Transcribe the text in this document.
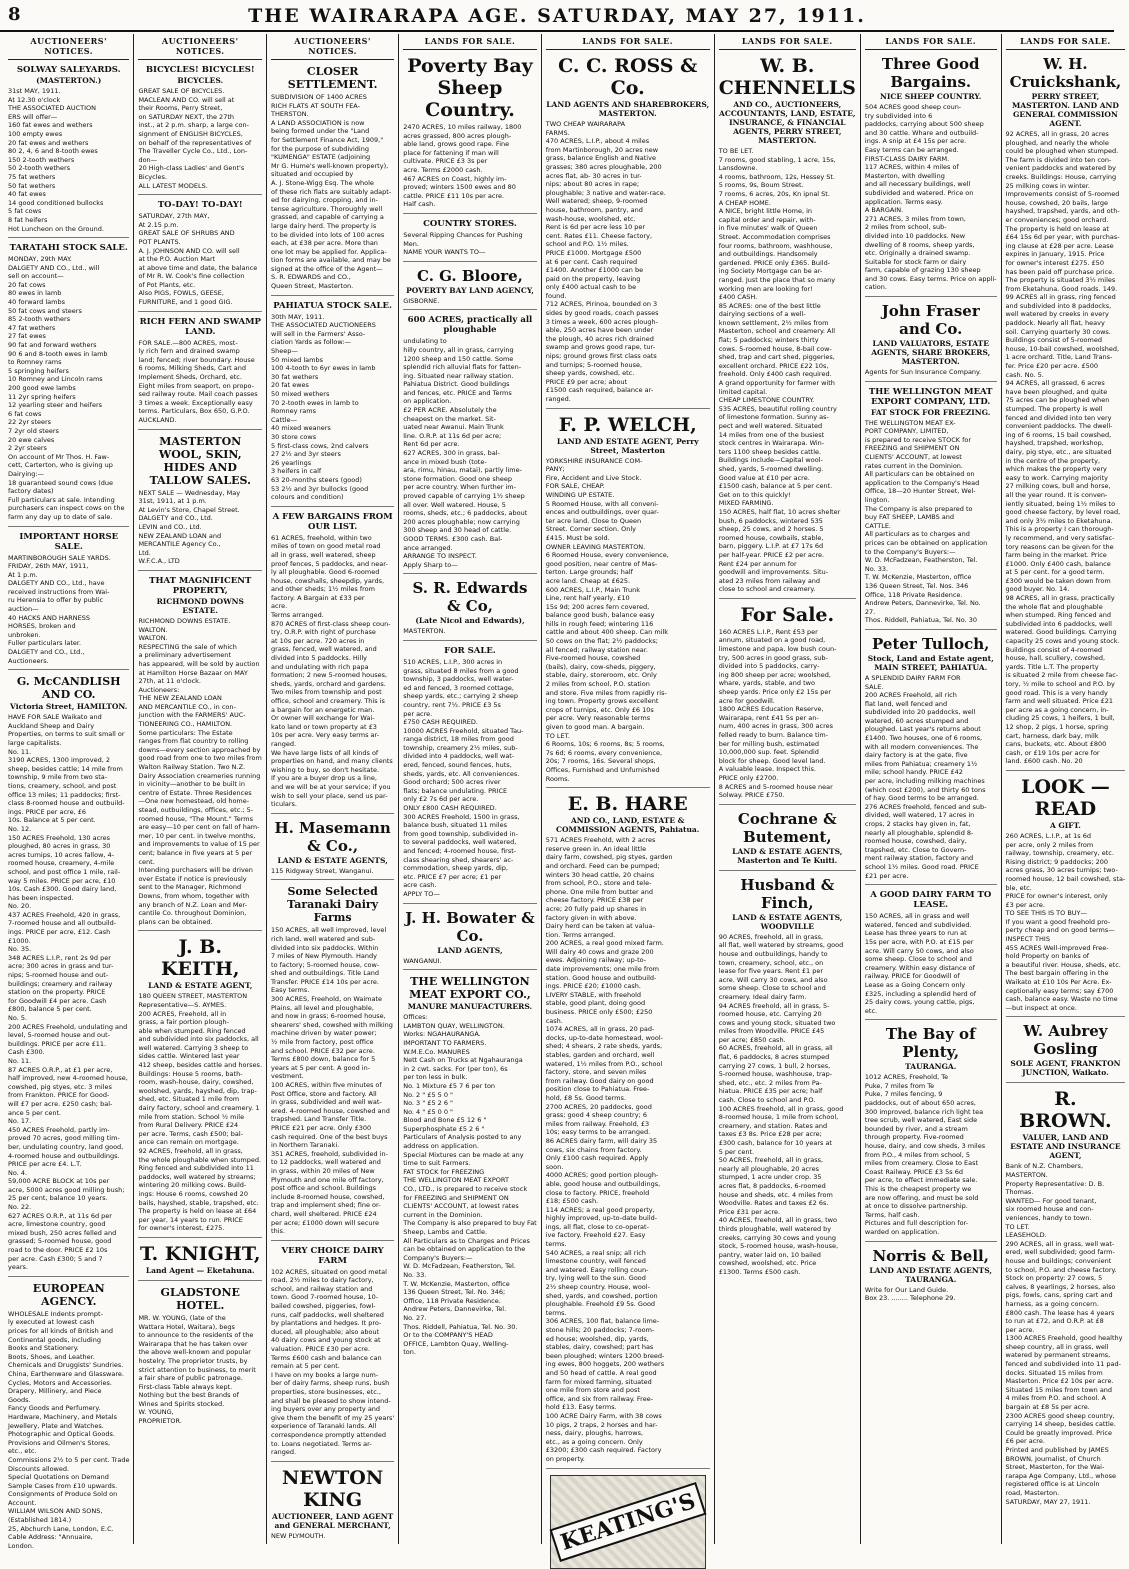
8	THE WAIRARAPA AGE. SATURDAY, MAY 27, 1911.
AUCTIONEERS' NOTICES.
SOLWAY SALEYARDS.
(MASTERTON.)
31st MAY, 1911.
At 12.30 o'clock
THE ASSOCIATED AUCTION
ERS will offer—
160 fat ewes and wethers
100 empty ewes
20 fat ewes and wethers
80 2, 4, 6 and 8-tooth ewes
150 2-tooth wethers
50 2-tooth wethers
75 fat wethers
50 fat wethers
40 fat ewes
14 good conditioned bullocks
5 fat cows
8 fat heifers
Hot Luncheon on the Ground.
TARATAHI STOCK SALE.
MONDAY, 29th MAY.
DALGETY AND CO., Ltd., will
sell on account—
20 fat cows
80 ewes in lamb
40 forward lambs
50 fat cows and steers
85 2-tooth wethers
47 fat wethers
27 fat ewes
90 fat and forward wethers
90 6 and 8-tooth ewes in lamb
to Romney rams
5 springing heifers
10 Romney and Lincoln rams
200 good ewe lambs
11 2yr spring heifers
12 yearling steer and heifers
6 fat cows
22 2yr steers
7 2yr old steers
20 ewe calves
2 2yr steers
On account of Mr Thos. H. Faw-
cett, Carterton, who is giving up
Dairying:—
18 guaranteed sound cows (due
factory dates)
Full particulars at sale. Intending
purchasers can inspect cows on the
farm any day up to date of sale.
IMPORTANT HORSE SALE.
MARTINBOROUGH SALE YARDS.
FRIDAY, 26th MAY, 1911,
At 1 p.m.
DALGETY AND CO., Ltd., have
received instructions from Wai-
ru Herensia to offer by public
auction—
40 HACKS AND HARNESS
HORSES, broken and
unbroken.
Fuller particulars later.
DALGETY and CO., Ltd.,
Auctioneers.
G. McCANDLISH AND CO.
Victoria Street, HAMILTON.
HAVE FOR SALE Waikato and
Auckland Sheep and Dairy
Properties, on terms to suit small or
large capitalists.
No. 11.
3190 ACRES, 1300 improved, 2
sheep, besides cattle; 14 mile from
township, 9 mile from two sta-
tions, creamery, school, and post
office 13 miles; 11 paddocks; first-
class 8-roomed house and outbuild-
ings. PRICE per acre, £6
10s. Balance at 5 per cent.
No. 12.
150 ACRES Freehold, 130 acres
ploughed, 80 acres in grass, 30
acres turnips, 10 acres fallow, 4-
roomed house, creamery, 4-mile
school, and post office 1 mile, rail-
way 5 miles. PRICE per acre, £10
10s. Cash £300. Good dairy land,
has been inspected.
No. 20.
437 ACRES Freehold, 420 in grass,
7-roomed house and all outbuild-
ings. PRICE per acre, £12. Cash
£1000.
No. 35.
348 ACRES L.I.P., rent 2s 9d per
acre; 300 acres in grass and tur-
nips; 5-roomed house and out-
buildings; creamery and railway
station on the property. PRICE
for Goodwill £4 per acre. Cash
£800, balance 5 per cent.
No. 5.
200 ACRES Freehold, undulating and
level, 5-roomed house and out-
buildings. PRICE per acre £11.
Cash £300.
No. 11.
87 ACRES O.R.P., at £1 per acre,
half improved, new 4-roomed house,
cowshed, pig styes, etc. 3 miles
from Frankton. PRICE for Good-
will £7 per acre. £250 cash; bal-
ance 5 per cent.
No. 17.
450 ACRES Freehold, partly im-
proved 70 acres, good milling tim-
ber, undulating country, land good,
4-roomed house and outbuildings.
PRICE per acre £4. L.T.
No. 4.
59,000 ACRE BLOCK at 10s per
acre, 5000 acres good milling bush;
25 per cent, balance 10 years.
No. 22.
627 ACRES O.R.P., at 11s 6d per
acre, limestone country, good
mixed bush, 250 acres felled and
grassed; 5-roomed house, good
road to the door. PRICE £2 10s
per acre. Cash £300; 5 and 7
years.
EUROPEAN AGENCY.
WHOLESALE Indents prompt-
ly executed at lowest cash
prices for all kinds of British and
Continental goods, including
Books and Stationery.
Boots, Shoes, and Leather.
Chemicals and Druggists' Sundries.
China, Earthenware and Glassware.
Cycles, Motors and Accessories.
Drapery, Millinery, and Piece
Goods.
Fancy Goods and Perfumery.
Hardware, Machinery, and Metals
Jewellery, Plate and Watches.
Photographic and Optical Goods.
Provisions and Oilmen's Stores,
etc., etc.
Commissions 2½ to 5 per cent. Trade
Discounts allowed.
Special Quotations on Demand
Sample Cases from £10 upwards.
Consignments of Produce Sold on
Account.
WILLIAM WILSON AND SONS,
(Established 1814.)
25, Abchurch Lane, London, E.C.
Cable Address: "Annuaire,
London.
AUCTIONEERS' NOTICES.
BICYCLES! BICYCLES!
BICYCLES.
GREAT SALE OF BICYCLES.
MACLEAN AND CO. will sell at
their Rooms, Perry Street,
on SATURDAY NEXT, the 27th
inst., at 2 p.m. sharp, a large con-
signment of ENGLISH BICYCLES,
on behalf of the representatives of
The Traveller Cycle Co., Ltd., Lon-
don—
20 High-class Ladies' and Gent's
Bicycles.
ALL LATEST MODELS.
TO-DAY! TO-DAY!
SATURDAY, 27th MAY,
At 2.15 p.m.
GREAT SALE OF SHRUBS AND
POT PLANTS.
A. J. JOHNSON AND CO. will sell
at the P.O. Auction Mart
at above time and date, the balance
of Mr R. W. Cook's fine collection
of Pot Plants, etc.
Also PIGS, FOWLS, GEESE,
FURNITURE, and 1 good GIG.
RICH FERN AND SWAMP LAND.
FOR SALE.—800 ACRES, most-
ly rich fern and drained swamp
land; fenced; river boundary. House
6 rooms, Milking Sheds, Cart and
Implement Sheds, Orchard, etc.
Eight miles from seaport, on propo-
sed railway route. Mail coach passes
3 times a week. Exceptionally easy
terms. Particulars, Box 650, G.P.O.
AUCKLAND.
MASTERTON WOOL, SKIN, HIDES AND TALLOW SALES.
NEXT SALE — Wednesday, May
31st, 1911, at 1 p.m.
At Levin's Store, Chapel Street.
DALGETY and CO., Ltd.
LEVIN and CO., Ltd.
NEW ZEALAND LOAN and
MERCANTILE Agency Co.,
Ltd.
W.F.C.A., LTD
THAT MAGNIFICENT PROPERTY,
RICHMOND DOWNS ESTATE.
RICHMOND DOWNS ESTATE.
WALTON.
WALTON.
RESPECTING the sale of which
a preliminary advertisement
has appeared, will be sold by auction
at Hamilton Horse Bazaar on MAY
27th, at 11 o'clock.
Auctioneers:
THE NEW ZEALAND LOAN
AND MERCANTILE CO., in con-
junction with the FARMERS' AUC-
TIONEERING CO., HAMILTON.
Some particulars: The Estate
ranges from flat country to rolling
downs—every section approached by
good road from one to two miles from
Walton Railway Station. Two N.Z.
Dairy Association creameries running
in vicinity—another to be built in
centre of Estate. Three Residences
—One new homestead, old home-
stead, outbuildings, offices, etc.; 5-
roomed house, "The Mount." Terms
are easy—10 per cent on fall of ham-
mer, 10 per cent. in twelve months,
and improvements to value of 15 per
cent; balance in five years at 5 per
cent.
Intending purchasers will be driven
over Estate if notice is previously
sent to the Manager, Richmond
Downs, from whom, together with
any branch of N.Z. Loan and Mer-
cantile Co. throughout Dominion,
plans can be obtained.
J. B. KEITH,
LAND & ESTATE AGENT,
180 QUEEN STREET, MASTERTON
Representative—S. AYMES.
200 ACRES, Freehold, all in
grass, a fair portion plough-
able when stumped. Ring fenced
and subdivided into six paddocks, all
well watered. Carrying 3 sheep to
sides cattle. Wintered last year
412 sheep, besides cattle and horses.
Buildings: House 5 rooms, bath-
room, wash-house, dairy, cowshed,
woolshed, yards, hayshed, dip, trap-
shed, etc. Situated 1 mile from
dairy factory, school and creamery. 1
mile from station. School ½ mile
from Rural Delivery. PRICE £24
per acre. Terms, cash £500; bal-
ance can remain on mortgage.
92 ACRES, freehold, all in grass,
the whole ploughable when stumped.
Ring fenced and subdivided into 11
paddocks, well watered by streams;
wintering 20 milking cows. Build-
ings: House 6 rooms, cowshed 20
bails, hayshed, stable, trapshed, etc.
The property is held on lease at £64
per year, 14 years to run. PRICE
for owner's interest, £275.
T. KNIGHT,
Land Agent — Eketahuna.
GLADSTONE HOTEL.
MR. W. YOUNG, (late of the
Wattara Hotel, Waitara), begs
to announce to the residents of the
Wairarapa that he has taken over
the above well-known and popular
hostelry. The proprietor trusts, by
strict attention to business, to merit
a fair share of public patronage.
First-class Table always kept.
Nothing but the best Brands of
Wines and Spirits stocked.
W. YOUNG,
PROPRIETOR.
AUCTIONEERS' NOTICES.
CLOSER SETTLEMENT.
SUBDIVISION OF 1400 ACRES
RICH FLATS AT SOUTH FEA-
THERSTON.
A LAND ASSOCIATION is now
being formed under the "Land
for Settlement Finance Act, 1909,"
for the purpose of subdividing
"KUMENGA" ESTATE (adjoining
Mr G. Hume's well-known property),
situated and occupied by
A. J. Stone-Wigg Esq. The whole
of these rich flats are suitably adapt-
ed for dairying, cropping, and in-
tense agriculture. Thoroughly well
grassed, and capable of carrying a
large dairy herd. The property is
to be divided into lots of 100 acres
each, at £38 per acre. More than
one lot may be applied for. Applica-
tion forms are available, and may be
signed at the office of the Agent—
S. R. EDWARDS and CO.,
Queen Street, Masterton.
PAHIATUA STOCK SALE.
30th MAY, 1911.
THE ASSOCIATED AUCTIONEERS
will sell in the Farmers' Asso-
ciation Yards as follow:—
Sheep—
50 mixed lambs
100 4-tooth to 6yr ewes in lamb
30 fat wethers
20 fat ewes
50 mixed wethers
70 2-tooth ewes in lamb to
Romney rams
Cattle—
40 mixed weaners
30 store cows
5 first-class cows, 2nd calvers
27 2½ and 3yr steers
26 yearlings
3 heifers in calf
63 20-months steers (good)
53 2½ and 3yr bullocks (good
colours and condition)
A FEW BARGAINS FROM OUR LIST.
61 ACRES, freehold, within two
miles of town on good metal road
all in grass, well watered, sheep
proof fences, 5 paddocks, and near-
ly all ploughable. Good 6-roomed
house, cowshalls, sheepdip, yards,
and other sheds; 1½ miles from
factory. A Bargain at £33 per
acre.
Terms arranged.
870 ACRES of first-class sheep coun-
try, O.R.P. with right of purchase
at 10s per acre. 720 acres in
grass, fenced, well watered, and
divided into 5 paddocks. Hilly
and undulating with rich papa
formation; 2 new 5-roomed houses,
sheds, yards, orchard and gardens.
Two miles from township and post
office, school and creamery. This is
a bargain for an energetic man.
Or owner will exchange for Wai-
kato land or town property at £3
10s per acre. Very easy terms ar-
ranged.
We have large lists of all kinds of
properties on hand, and many clients
wishing to buy, so don't hesitate.
If you are a buyer drop us a line,
and we will be at your service; if you
wish to sell your place, send us par-
ticulars.
H. Masemann & Co.,
LAND & ESTATE AGENTS,
115 Ridgway Street, Wanganui.
Some Selected Taranaki Dairy Farms
150 ACRES, all well improved, level
rich land, well watered and sub-
divided into six paddocks. Within
7 miles of New Plymouth. Handy
to factory; 5-roomed house, cow-
shed and outbuildings. Title Land
Transfer. PRICE £14 10s per acre.
Easy terms.
300 ACRES, Freehold, on Waimate
Plains, all level and ploughable,
and now in grass; 6-roomed house,
shearers' shed, cowshed with milking
machine driven by water power;
½ mile from factory, post office
and school. PRICE £32 per acre.
Terms £800 down, balance for 5
years at 5 per cent. A good in-
vestment.
100 ACRES, within five minutes of
Post Office, store and factory. All
in grass, subdivided and well wat-
ered. 4-roomed house, cowshed and
trapshed. Land Transfer Title.
PRICE £21 per acre. Only £300
cash required. One of the best buys
in Northern Taranaki.
351 ACRES, freehold, subdivided in-
to 12 paddocks, well watered and
in grass, within 20 miles of New
Plymouth and one mile off factory,
post office and school. Buildings
include 8-roomed house, cowshed,
trap and implement shed; fine or-
chard, well sheltered. PRICE £24
per acre; £1000 down will secure
this.
VERY CHOICE DAIRY FARM
102 ACRES, situated on good metal
road, 2½ miles to dairy factory,
school, and railway station and
town. Good 7-roomed house, 10-
bailed cowshed, piggeries, fowl-
runs, calf paddocks, well sheltered
by plantations and hedges. It pro-
duced, all ploughable; also about
40 dairy cows and young stock at
valuation. PRICE £30 per acre.
Terms £600 cash and balance can
remain at 5 per cent.
I have on my books a large num-
ber of dairy farms, sheep runs, bush
properties, store businesses, etc.,
and shall be pleased to show intend-
ing buyers over any property and
give them the benefit of my 25 years'
experience of Taranaki lands. All
correspondence promptly attended
to. Loans negotiated. Terms ar-
ranged.
NEWTON KING
AUCTIONEER, LAND AGENT and GENERAL MERCHANT,
NEW PLYMOUTH.
LANDS FOR SALE.
Poverty Bay Sheep Country.
2470 ACRES, 10 miles railway, 1800
acres grassed, 800 acres plough-
able land, grows good rape. Fine
place for fattening if man will
cultivate. PRICE £3 3s per
acre. Terms £2000 cash.
467 ACRES on Coast, highly im-
proved; winters 1500 ewes and 80
cattle. PRICE £11 10s per acre.
Half cash.
COUNTRY STORES.
Several Ripping Chances for Pushing
Men.
NAME YOUR WANTS TO—
C. G. Bloore,
POVERTY BAY LAND AGENCY,
GISBORNE.
600 ACRES, practically all ploughable
undulating to
hilly country, all in grass, carrying
1200 sheep and 150 cattle. Some
splendid rich alluvial flats for fatten-
ing. Situated near railway station.
Pahiatua District. Good buildings
and fences, etc. PRICE and Terms
on application.
£2 PER ACRE. Absolutely the
cheapest on the market. Sit-
uated near Awanui. Main Trunk
line. O.R.P. at 11s 6d per acre;
Rent 6d per acre.
627 ACRES, 300 in grass, bal-
ance in mixed bush (tote-
ara, rimu, hinau, matai), partly lime-
stone formation. Good one sheep
per acre country. When further im-
proved capable of carrying 1½ sheep
all over. Well watered. House, 5
rooms, sheds, etc.; 6 paddocks, about
200 acres ploughable; now carrying
300 sheep and 30 head of cattle.
GOOD TERMS. £300 cash. Bal-
ance arranged.
ARRANGE TO INSPECT.
Apply Sharp to—
S. R. Edwards & Co,
(Late Nicol and Edwards),
MASTERTON.
FOR SALE.
510 ACRES, L.I.P., 300 acres in
grass, situated 8 miles from a good
township, 3 paddocks, well water-
ed and fenced, 3 roomed cottage,
sheep yards, etc.; carrying 2 sheep
country, rent 7½. PRICE £3 5s
per acre.
£750 CASH REQUIRED.
10000 ACRES Freehold, situated Tau-
ranga district, 18 miles from good
township, creamery 2½ miles, sub-
divided into 4 paddocks, well wat-
ered, fenced, sound fences, huts,
sheds, yards, etc. All conveniences.
Good orchard; 500 acres river
flats; balance undulating. PRICE
only £2 7s 6d per acre.
ONLY £800 CASH REQUIRED.
300 ACRES Freehold, 1500 in grass,
balance bush, situated 11 miles
from good township, subdivided in-
to several paddocks, well watered,
and fenced; 4-roomed house, first-
class shearing shed, shearers' ac-
commodation, sheep yards, dip,
etc. PRICE £7 per acre; £1 per
acre cash.
APPLY TO—
J. H. Bowater & Co.
LAND AGENTS,
WANGANUI.
THE WELLINGTON MEAT EXPORT CO.,
MANURE MANUFACTURERS.
Offices:
LAMBTON QUAY, WELLINGTON.
Works: NGAHAURANGA.
IMPORTANT TO FARMERS.
W.M.E.Co. MANURES
Nett Cash on Trucks at Ngahauranga
in 2 cwt. sacks. For (per ton), 6s
per ton less in bulk.
No. 1 Mixture £5 7 6 per ton
No. 2 " £5 5 0 "
No. 3 " £5 2 6 "
No. 4 " £5 0 0 "
Blood and Bone £5 12 6 "
Superphosphate £5 2 6 "
Particulars of Analysis posted to any
address on application.
Special Mixtures can be made at any
time to suit Farmers.
FAT STOCK for FREEZING
THE WELLINGTON MEAT EXPORT
CO., LTD., is prepared to receive stock
for FREEZING and SHIPMENT ON
CLIENTS' ACCOUNT, at lowest rates
current in the Dominion.
The Company is also prepared to buy Fat
Sheep, Lambs and Cattle.
All Particulars as to Charges and Prices
can be obtained on application to the
Company's Buyers:—
W. D. McFadzean, Featherston, Tel.
No. 33.
T. W. McKenzie, Masterton, office
136 Queen Street, Tel. No. 346;
Office, 118 Private Residence.
Andrew Peters, Dannevirke, Tel.
No. 27.
Thos. Riddell, Pahiatua, Tel. No. 30.
Or to the COMPANY'S HEAD
OFFICE, Lambton Quay, Welling-
ton.
LANDS FOR SALE.
C. C. ROSS & Co.
LAND AGENTS AND SHAREBROKERS, MASTERTON.
TWO CHEAP WAIRARAPA
FARMS.
470 ACRES, L.I.P., about 4 miles
from Martinborough, 20 acres new
grass, balance English and Native
grasses; 380 acres ploughable, 200
acres flat, ab- 30 acres in tur-
nips; about 80 acres in rape;
ploughable; 3 native and water-race.
Well watered; sheep, 9-roomed
house, bathroom, pantry, and
wash-house, woolshed, etc.
Rent is 6d per acre less 10 per
cent. Rates £11. Cheese factory,
school and P.O. 1½ miles.
PRICE £1000. Mortgage £500
at 6 per cent. Cash required
£1400. Another £1000 can be
paid on the property, leaving
only £400 actual cash to be
found.
712 ACRES, Pirinoa, bounded on 3
sides by good roads, coach passes
3 times a week, 600 acres plough-
able, 250 acres have been under
the plough, 40 acres rich drained
swamp and grows good rape, tur-
nips; ground grows first class oats
and turnips; 5-roomed house,
sheep yards, cowshed, etc.
PRICE £9 per acre; about
£1500 cash required, balance ar-
ranged.
F. P. WELCH,
LAND AND ESTATE AGENT, Perry Street, Masterton
YORKSHIRE INSURANCE COM-
PANY;
Fire, Accident and Live Stock.
FOR SALE, CHEAP.
WINDING UP ESTATE.
5 Roomed House, with all conveni-
ences and outbuildings, over quar-
ter acre land. Close to Queen
Street. Corner section. Only
£415. Must be sold.
OWNER LEAVING MASTERTON.
6 Roomed House, every convenience,
good position, near centre of Mas-
terton. Large grounds; half
acre land. Cheap at £625.
600 ACRES, L.I.P., Main Trunk
Line, rent half yearly, £10
15s 9d; 200 acres fern covered,
balance good bush, balance easy
hills in rough feed; wintering 116
cattle and about 400 sheep. Can milk
50 cows on the flat; 2½ paddocks;
all fenced; railway station near.
Five-roomed house, cowshed
(bails), dairy, cow-sheds, piggery,
stable, dairy, storeroom, etc. Only
2 miles from school, P.O. station
and store. Five miles from rapidly ris-
ing town. Property grows excellent
crops of turnips, etc. Only £6 10s
per acre. Very reasonable terms
given to good man. A bargain.
TO LET.
6 Rooms, 10s; 6 rooms, 8s; 5 rooms,
7s 6d; 6 rooms, every convenience,
20s; 7 rooms, 16s. Several shops,
Offices, Furnished and Unfurnished
Rooms.
E. B. HARE
AND CO., LAND, ESTATE & COMMISSION AGENTS, Pahiatua.
571 ACRES Freehold, with 2 acres
reserve green in. An ideal little
dairy farm, cowshed, pig styes, garden
and orchard. Feed can be pumped;
winters 30 head cattle, 20 chains
from school, P.O., store and tele-
phone. One mile from butter and
cheese factory. PRICE £38 per
acre; 20 fully paid up shares in
factory given in with above.
Dairy herd can be taken at valua-
tion. Terms arranged.
200 ACRES, a real good mixed farm.
Will dairy 40 cows and graze 200
ewes. Adjoining railway; up-to-
date improvements; one mile from
station. Good house and outbuild-
ings. PRICE £20; £1000 cash.
LIVERY STABLE, with freehold
stable, good plant, doing good
business. PRICE only £500; £250
cash.
1074 ACRES, all in grass, 20 pad-
docks, up-to-date homestead, wool-
shed; 4 shears, 2 rate sheds, yards,
stables, garden and orchard, well
watered, 1½ miles from P.O., school
factory, store, and seven miles
from railway. Good dairy on good
position close to Pahiatua. Free-
hold, £8 5s. Good terms.
2700 ACRES, 20 paddocks, good
grass; good 4 sheep country; 6
miles from railway. Freehold, £3
10s; easy terms to be arranged.
86 ACRES dairy farm, will dairy 35
cows, six chains from factory.
Only £100 cash required. Apply
soon.
4000 ACRES; good portion plough-
able, good house and outbuildings,
close to factory. PRICE, freehold
£18; £500 cash.
114 ACRES; a real good property,
highly improved, up-to-date build-
ings, all flat, close to co-operat-
ive factory. Freehold £27. Easy
terms.
540 ACRES, a real snip; all rich
limestone country, well fenced
and watered. Easy rolling coun-
try, lying well to the sun. Good
2½ sheep country. House, wool-
shed, yards, and cowshed, portion
ploughable. Freehold £9 5s. Good
terms.
306 ACRES, 100 flat, balance lime-
stone hills; 20 paddocks; 7-room-
ed house; woolshed, dip, yards,
stables, dairy, cowshed; part has
been ploughed; winters 1200 breed-
ing ewes, 800 hoggets, 200 wethers
and 50 head of cattle. A real good
farm for mixed farming, situated
one mile from store and post
office, and six from railway. Free-
hold £13. Easy terms.
100 ACRE Dairy Farm, with 38 cows
10 pigs, 2 traps, 2 horses and har-
ness, dairy, ploughs, harrows,
etc., as a going concern. Only
£3200; £300 cash required. Factory
on property.
KEATING'S
LANDS FOR SALE.
W. B. CHENNELLS
AND CO., AUCTIONEERS, ACCOUNTANTS, LAND, ESTATE, INSURANCE, & FINANCIAL AGENTS, PERRY STREET, MASTERTON.
TO BE LET.
7 rooms, good stabling, 1 acre, 15s,
Lansdowne.
4 rooms, bathroom, 12s, Hessey St.
5 rooms, 9s, Boum Street.
7 rooms, 6 acres, 20s, Kn ipnal St.
A CHEAP HOME.
A NICE, bright little Home, in
capital order and repair, with-
in five minutes' walk of Queen
Street. Accommodation comprises
four rooms, bathroom, washhouse,
and outbuildings. Handsomely
gardened. PRICE only £365. Build-
ing Society Mortgage can be ar-
ranged. Just the place that so many
working men are looking for!
£400 CASH.
85 ACRES: one of the best little
dairying sections of a well-
known settlement, 2½ miles from
Masterton, school and creamery. All
flat; 5 paddocks; winters thirty
cows. 5-roomed house, 8-bail cow-
shed, trap and cart shed, piggeries,
excellent orchard. PRICE £22 10s,
freehold. Only £400 cash required.
A grand opportunity for farmer with
limited capital.
CHEAP LIMESTONE COUNTRY.
535 ACRES, beautiful rolling country
of limestone formation. Sunny as-
pect and well watered. Situated
14 miles from one of the busiest
stock centres in Wairarapa. Win-
ters 1100 sheep besides cattle.
Buildings include—Capital wool-
shed, yards, 5-roomed dwelling.
Good value at £10 per acre.
£1500 cash, balance at 5 per cent.
Get on to this quickly!
MIXED FARMING.
150 ACRES, half flat, 10 acres shelter
bush, 6 paddocks, wintered 535
sheep, 25 cows, and 2 horses. 5
roomed house, cowbails, stable,
barn, piggery. L.I.P. at £7 17s 6d
per half-year. PRICE £2 per acre.
Rent £24 per annum for
goodwill and improvements. Situ-
ated 23 miles from railway and
close to school and creamery.
For Sale.
160 ACRES L.I.P., Rent £53 per
annum, situated on a good road,
limestone and papa, low bush coun-
try, 500 acres in good grass, sub-
divided into 5 paddocks, carry-
ing 800 sheep per acre; woolshed,
whare, yards, stable, and two
sheep yards. Price only £2 15s per
acre for goodwill.
1800 ACRES Education Reserve,
Wairarapa, rent £41 5s per an-
num, 400 acres in grass, 300 acres
felled ready to burn. Balance tim-
ber for milling bush, estimated
10,000,000 sup. feet. Splendid
block for sheep. Good level land.
A valuable lease. Inspect this.
PRICE only £2700.
8 ACRES and 5-roomed house near
Solway. PRICE £750.
Cochrane & Butement,
LAND & ESTATE AGENTS, Masterton and Te Kuiti.
Husband & Finch,
LAND & ESTATE AGENTS, WOODVILLE
90 ACRES, freehold, all in grass,
all flat, well watered by streams, good
house and outbuildings, handy to
town, creamery, school, etc., on
lease for five years. Rent £1 per
acre. Will carry 30 cows, and also
some sheep. Close to school and
creamery. Ideal dairy farm.
94 ACRES freehold, all in grass, 5-
roomed house, etc. Carrying 20
cows and young stock, situated two
miles from Woodville. PRICE £45
per acre; £850 cash.
60 ACRES, freehold, all in grass, all
flat, 6 paddocks, 8 acres stumped
carrying 27 cows, 1 bull, 2 horses,
5-roomed house, washhouse, trap-
shed, etc., etc. 2 miles from Pa-
hiatua. PRICE £35 per acre; half
cash. Close to school and P.O.
100 ACRES freehold, all in grass, good
8-roomed house, 1 mile from school,
creamery, and station. Rates and
taxes £3 8s. Price £28 per acre;
£300 cash, balance for 10 years at
5 per cent.
50 ACRES, freehold, all in grass,
nearly all ploughable, 20 acres
stumped, 1 acre under crop. 35
acres flat, 8 paddocks, 6-roomed
house and sheds, etc. 4 miles from
Woodville. Rates and taxes £2 6s.
Price £31 per acre.
40 ACRES, freehold, all in grass, two
thirds ploughable, well watered by
creeks, carrying 30 cows and young
stock, 5-roomed house, wash-house,
pantry, water laid on, 10 bailed
cowshed, woolshed, etc. Price
£1300. Terms £500 cash.
LANDS FOR SALE.
Three Good Bargains.
NICE SHEEP COUNTRY.
504 ACRES good sheep coun-
try subdivided into 6
paddocks, carrying about 500 sheep
and 30 cattle. Whare and outbuild-
ings. A snip at £4 15s per acre.
Easy terms can be arranged.
FIRST-CLASS DAIRY FARM.
117 ACRES, within 4 miles of
Masterton, with dwelling
and all necessary buildings, well
subdivided and watered. Price on
application. Terms easy.
A BARGAIN.
271 ACRES, 3 miles from town,
2 miles from school, sub-
divided into 10 paddocks. New
dwelling of 8 rooms, sheep yards,
etc. Originally a drained swamp.
Suitable for stock farm or dairy
farm, capable of grazing 130 sheep
and 30 cows. Easy terms. Price on appli-
cation.
John Fraser and Co.
LAND VALUATORS, ESTATE AGENTS, SHARE BROKERS, MASTERTON.
Agents for Sun Insurance Company.
THE WELLINGTON MEAT EXPORT COMPANY, LTD.
FAT STOCK FOR FREEZING.
THE WELLINGTON MEAT EX-
PORT COMPANY, LIMITED,
is prepared to receive STOCK for
FREEZING and SHIPMENT ON
CLIENTS' ACCOUNT, at lowest
rates current in the Dominion.
All particulars can be obtained on
application to the Company's Head
Office, 18—20 Hunter Street, Wel-
lington.
The Company is also prepared to
buy FAT SHEEP, LAMBS and
CATTLE.
All particulars as to charges and
prices can be obtained on application
to the Company's Buyers:—
W. D. McFadzean, Featherston, Tel.
No. 33.
T. W. McKenzie, Masterton, office
136 Queen Street, Tel. Nos. 346
Office, 118 Private Residence.
Andrew Peters, Dannevirke, Tel. No.
27.
Thos. Riddell, Pahiatua, Tel. No. 30
Peter Tulloch,
Stock, Land and Estate agent, MAIN STREET, PAHIATUA.
A SPLENDID DAIRY FARM FOR
SALE.
200 ACRES Freehold, all rich
flat land, well fenced and
subdivided into 20 paddocks, well
watered, 60 acres stumped and
ploughed. Last year's returns about
£1400. Two houses, one of 6 rooms,
with all modern conveniences. The
dairy factory is at the gate, five
miles from Pahiatua; creamery 1½
mile; school handy. PRICE £42
per acre, including milking machines
(which cost £200), and thirty 60 tons
of hay. Good terms to be arranged.
276 ACRES freehold, fenced and sub-
divided, well watered, 17 acres in
crops, 2 stacks hay given in, fat,
nearly all ploughable, splendid 8-
roomed house, cowshed, dairy,
trapshed, etc. Close to Govern-
ment railway station, factory and
school 1½ miles. Good road. PRICE
£21 per acre.
A GOOD DAIRY FARM TO LEASE.
150 ACRES, all in grass and well
watered, fenced and subdivided.
Lease has three years to run at
15s per acre, with P.O. at £15 per
acre. Will carry 50 cows, and also
some sheep. Close to school and
creamery. Within easy distance of
railway. PRICE for Goodwill of
Lease as a Going Concern only
£325, including a splendid herd of
25 dairy cows, young cattle, pigs,
etc.
The Bay of Plenty,
TAURANGA.
1012 ACRES, Freehold, Te
Puke, 7 miles from Te
Puke, 7 miles fencing, 9
paddocks, out of about 650 acres,
300 improved, balance rich light tea
tree scrub, well watered, East side
bounded by river, and a stream
through property. Five-roomed
house, dairy, and cow sheds, 3 miles
from P.O., 4 miles from school, 5
miles from creamery. Close to East
Coast Railway. PRICE £3 5s 6d
per acre, to effect immediate sale.
This is the cheapest property we
are now offering, and must be sold
at once to dissolve partnership.
Terms, half cash.
Pictures and full description for-
warded on application.
Norris & Bell,
LAND AND ESTATE AGENTS, TAURANGA.
Write for Our Land Guide.
Box 23. ........ Telephone 29.
LANDS FOR SALE.
W. H. Cruickshank,
PERRY STREET, MASTERTON. LAND AND GENERAL COMMISSION AGENT.
92 ACRES, all in grass, 20 acres
ploughed, and nearly the whole
could be ploughed when stumped.
The farm is divided into ten con-
venient paddocks and watered by
creeks. Buildings: House, carrying
25 milking cows in winter.
Improvements consist of 5-roomed
house, cowshed, 20 bails, large
hayshed, trapshed, yards, and oth-
er conveniences; good orchard.
The property is held on lease at
£64 15s 6d per year, with purchas-
ing clause at £28 per acre. Lease
expires in January, 1915. Price
for owner's interest £275. £50
has been paid off purchase price.
The property is situated 3½ miles
from Eketahuna. Good roads. 149.
99 ACRES all in grass, ring fenced
and subdivided into 8 paddocks,
well watered by creeks in every
paddock. Nearly all flat, heavy
soil. Carrying quarterly 30 cows.
Buildings consist of 5-roomed
house, 10-bail cowshed, woolshed,
1 acre orchard. Title, Land Trans-
fer. Price £20 per acre. £500
cash. No. 5.
94 ACRES, all grassed, 6 acres
have been ploughed, and quite
75 acres can be ploughed when
stumped. The property is well
fenced and divided into ten very
convenient paddocks. The dwell-
ing of 6 rooms, 15 bail cowshed,
hayshed, trapshed, workshop,
dairy, pig stye, etc., are situated
in the centre of the property,
which makes the property very
easy to work. Carrying majority
27 milking cows, bull and horse,
all the year round. It is conven-
iently situated, being 1½ miles to
good cheese factory, by level road,
and only 3½ miles to Eketahuna.
This is a property I can thorough-
ly recommend, and very satisfac-
tory reasons can be given for the
farm being in the market. Price
£1000. Only £400 cash, balance
at 5 per cent. for a good term.
£300 would be taken down from
good buyer. No. 14.
98 ACRES, all in grass, practically
the whole flat and ploughable
when stumped. Ring fenced and
subdivided into 6 paddocks, well
watered. Good buildings. Carrying
capacity 25 cows and young stock.
Buildings consist of 4-roomed
house, hall, scullery, cowshed,
yards. Title L.T. The property
is situated 2 mile from cheese fac-
tory, ½ mile to school and P.O. by
good road. This is a very handy
farm and well situated. Price £21
per acre as a going concern, in-
cluding 25 cows, 1 heifers, 1 bull,
12 shop, 2 pigs, 1 horse, spring
cart, harness, dark bay, milk
cans, buckets, etc. About £800
cash, or £19 10s per acre for
land. £600 cash. No. 20
LOOK — READ
A GIFT.
260 ACRES, L.I.P., at 1s 6d
per acre, only 2 miles from
railway, township, creamery, etc.
Rising district; 9 paddocks; 200
acres grass, 30 acres turnips; two-
roomed house, 12 bail cowshed, sta-
ble, etc.
PRICE for owner's interest, only
£3 per acre.
TO SEE THIS IS TO BUY—
If you want a good freehold pro-
perty cheap and on good terms—
INSPECT THIS
455 ACRES Well-improved Free-
hold Property on banks of
a beautiful river. House, sheds, etc.
The best bargain offering in the
Waikato at £10 10s Per Acre. Ex-
ceptionally easy terms; say £700
cash, balance easy. Waste no time
—but inspect at once.
W. Aubrey Gosling
SOLE AGENT, FRANKTON JUNCTION, Waikato.
R. BROWN.
VALUER, LAND AND ESTATE AND INSURANCE AGENT,
Bank of N.Z. Chambers,
MASTERTON.
Property Representative: D. B.
Thomas.
WANTED— For good tenant,
six roomed house and con-
veniences, handy to town.
TO LET.
LEASEHOLD.
290 ACRES, all in grass, well wat-
ered, well subdivided; good farm-
house and buildings; convenient
to school, P.O. and cheese factory.
Stock on property: 27 cows, 5
calves, 8 yearlings, 2 horses, also
pigs, fowls, cans, spring cart and
harness, as a going concern.
£800 cash. The lease has 4 years
to run at £72, and O.R.P. at £8
per acre.
1300 ACRES Freehold, good healthy
sheep country, all in grass, well
watered by permanent streams,
fenced and subdivided into 11 pad-
docks. Situated 15 miles from
Masterton. Price £2 10s per acre.
Situated 15 miles from town and
4 miles from P.O. and school. A
bargain at £8 5s per acre.
2300 ACRES good sheep country,
carrying 14 sheep, besides cattle.
Could be greatly improved. Price
£6 per acre.
Printed and published by JAMES
BROWN, Journalist, of Church
Street, Masterton, for the Wai-
rarapa Age Company, Ltd., whose
registered office is at Lincoln
road, Masterton.
SATURDAY, MAY 27, 1911.
